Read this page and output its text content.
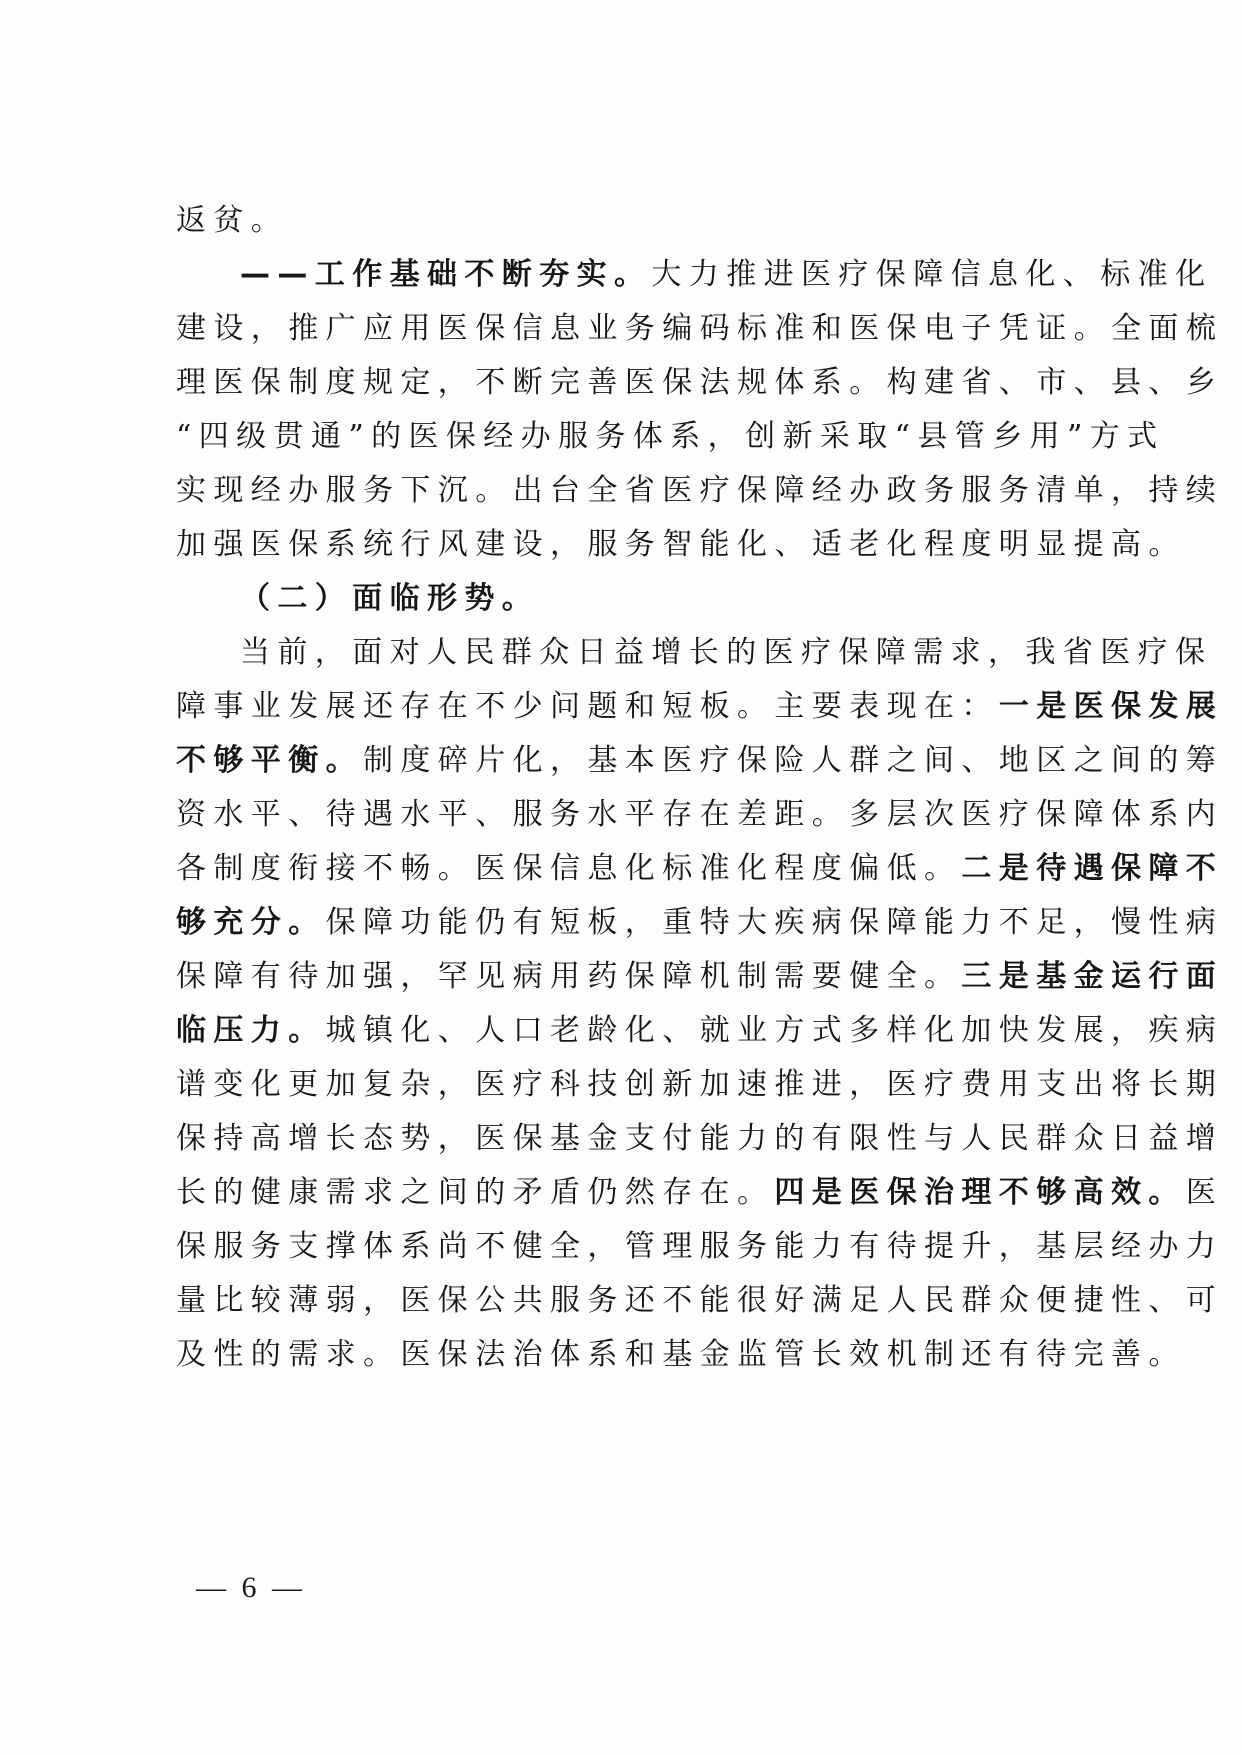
返贫。
——工作基础不断夯实。大力推进医疗保障信息化、标准化
建设，推广应用医保信息业务编码标准和医保电子凭证。全面梳
理医保制度规定，不断完善医保法规体系。构建省、市、县、乡
“四级贯通”的医保经办服务体系，创新采取“县管乡用”方式
实现经办服务下沉。出台全省医疗保障经办政务服务清单，持续
加强医保系统行风建设，服务智能化、适老化程度明显提高。
（二）面临形势。
当前，面对人民群众日益增长的医疗保障需求，我省医疗保
障事业发展还存在不少问题和短板。主要表现在：一是医保发展
不够平衡。制度碎片化，基本医疗保险人群之间、地区之间的筹
资水平、待遇水平、服务水平存在差距。多层次医疗保障体系内
各制度衔接不畅。医保信息化标准化程度偏低。二是待遇保障不
够充分。保障功能仍有短板，重特大疾病保障能力不足，慢性病
保障有待加强，罕见病用药保障机制需要健全。三是基金运行面
临压力。城镇化、人口老龄化、就业方式多样化加快发展，疾病
谱变化更加复杂，医疗科技创新加速推进，医疗费用支出将长期
保持高增长态势，医保基金支付能力的有限性与人民群众日益增
长的健康需求之间的矛盾仍然存在。四是医保治理不够高效。医
保服务支撑体系尚不健全，管理服务能力有待提升，基层经办力
量比较薄弱，医保公共服务还不能很好满足人民群众便捷性、可
及性的需求。医保法治体系和基金监管长效机制还有待完善。
— 6 —
